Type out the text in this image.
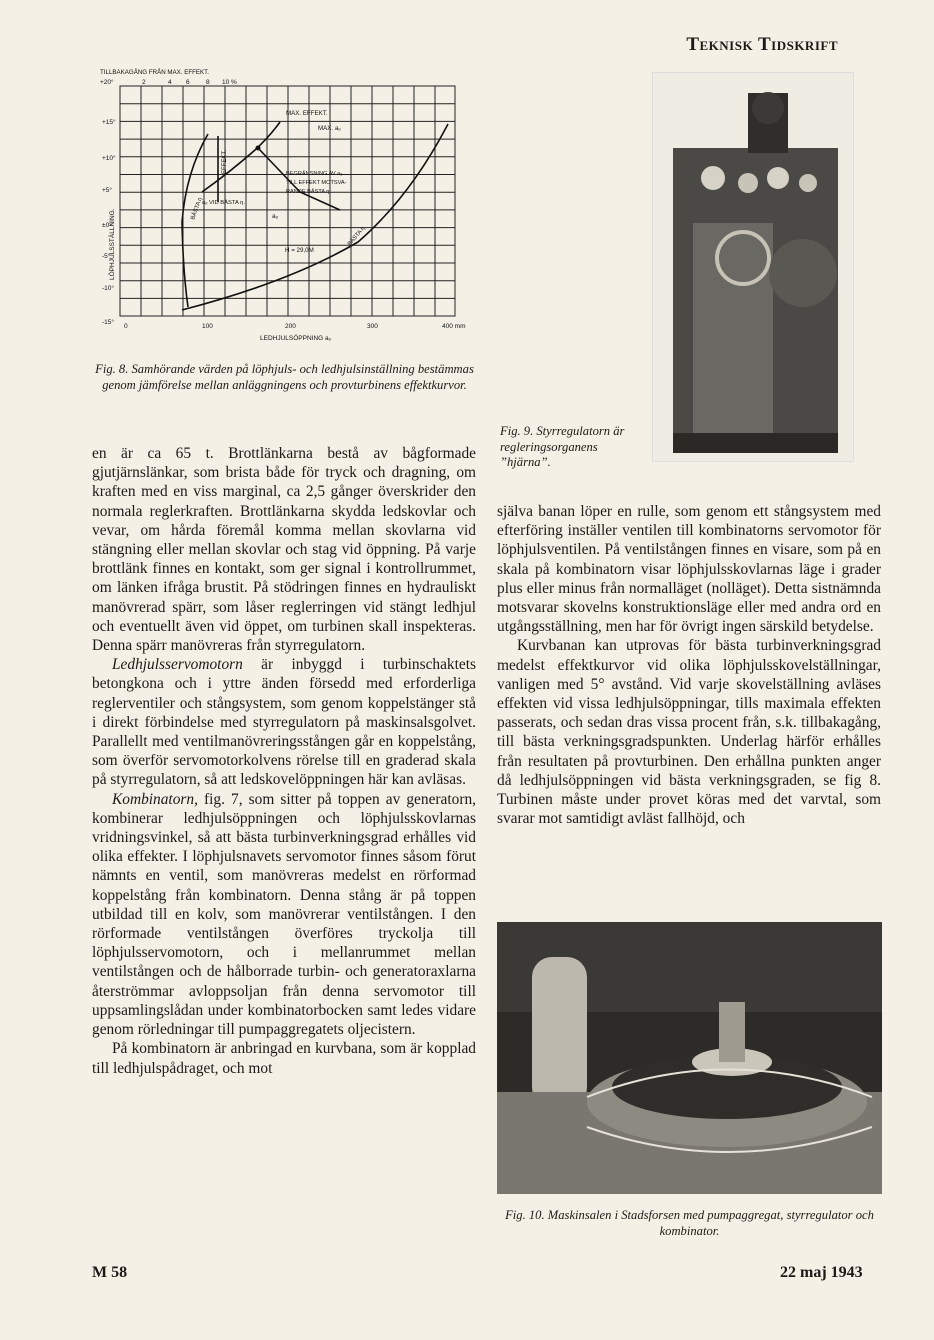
Teknisk Tidskrift
TILLBAKAGÅNG FRÅN MAX. EFFEKT.
+20°	2	4 6	8 10 %
+15°
+10°
+5°
±0°
-5°
-10°
-15°
LÖPHJULSSTÄLLNING.
0	100	200	300	400 mm
LEDHJULSÖPPNING aₒ
MAX. EFFEKT.
MAX. aₒ
EFFEKT.	BEGRÄNSNING AV aₒ
TILL EFFEKT MOTSVA-
RANDE BÄSTA η.
aₒ VID BÄSTA η.
BÄSTA η	aₒ
BÄSTA η
H = 29,0M
Fig. 8. Samhörande värden på löphjuls- och ledhjulsinställning bestämmas genom jämförelse mellan anläggningens och provturbinens effektkurvor.
Fig. 9. Styrregulatorn är regleringsorganens ”hjärna”.

en är ca 65 t. Brottlänkarna bestå av bågformade gjutjärnslänkar, som brista både för tryck och dragning, om kraften med en viss marginal, ca 2,5 gånger överskrider den normala reglerkraften. Brottlänkarna skydda ledskovlar och vevar, om hårda föremål komma mellan skovlarna vid stängning eller mellan skovlar och stag vid öppning. På varje brottlänk finnes en kontakt, som ger signal i kontrollrummet, om länken ifråga brustit. På stödringen finnes en hydrauliskt manövrerad spärr, som låser reglerringen vid stängt ledhjul och eventuellt även vid öppet, om turbinen skall inspekteras. Denna spärr manövreras från styrregulatorn.

Ledhjulsservomotorn är inbyggd i turbinschaktets betongkona och i yttre änden försedd med erforderliga reglerventiler och stångsystem, som genom koppelstänger stå i direkt förbindelse med styrregulatorn på maskinsalsgolvet. Parallellt med ventilmanövreringsstången går en koppelstång, som överför servomotorkolvens rörelse till en graderad skala på styrregulatorn, så att ledskovelöppningen här kan avläsas.

Kombinatorn, fig. 7, som sitter på toppen av generatorn, kombinerar ledhjulsöppningen och löphjulsskovlarnas vridningsvinkel, så att bästa turbinverkningsgrad erhålles vid olika effekter. I löphjulsnavets servomotor finnes såsom förut nämnts en ventil, som manövreras medelst en rörformad koppelstång från kombinatorn. Denna stång är på toppen utbildad till en kolv, som manövrerar ventilstången. I den rörformade ventilstången överföres tryckolja till löphjulsservomotorn, och i mellanrummet mellan ventilstången och de hålborrade turbin- och generatoraxlarna återströmmar avloppsoljan från denna servomotor till uppsamlingslådan under kombinatorbocken samt ledes vidare genom rörledningar till pumpaggregatets oljecistern.

På kombinatorn är anbringad en kurvbana, som är kopplad till ledhjulspådraget, och mot

själva banan löper en rulle, som genom ett stångsystem med efterföring inställer ventilen till kombinatorns servomotor för löphjulsventilen. På ventilstången finnes en visare, som på en skala på kombinatorn visar löphjulsskovlarnas läge i grader plus eller minus från normalläget (nolläget). Detta sistnämnda motsvarar skovelns konstruktionsläge eller med andra ord en utgångsställning, men har för övrigt ingen särskild betydelse.

Kurvbanan kan utprovas för bästa turbinverkningsgrad medelst effektkurvor vid olika löphjulsskovelställningar, vanligen med 5° avstånd. Vid varje skovelställning avläses effekten vid vissa ledhjulsöppningar, tills maximala effekten passerats, och sedan dras vissa procent från, s.k. tillbakagång, till bästa verkningsgradspunkten. Underlag härför erhålles från resultaten på provturbinen. Den erhållna punkten anger då ledhjulsöppningen vid bästa verkningsgraden, se fig 8. Turbinen måste under provet köras med det varvtal, som svarar mot samtidigt avläst fallhöjd, och

Fig. 10. Maskinsalen i Stadsforsen med pumpaggregat, styrregulator och kombinator.
M 58	22 maj 1943
